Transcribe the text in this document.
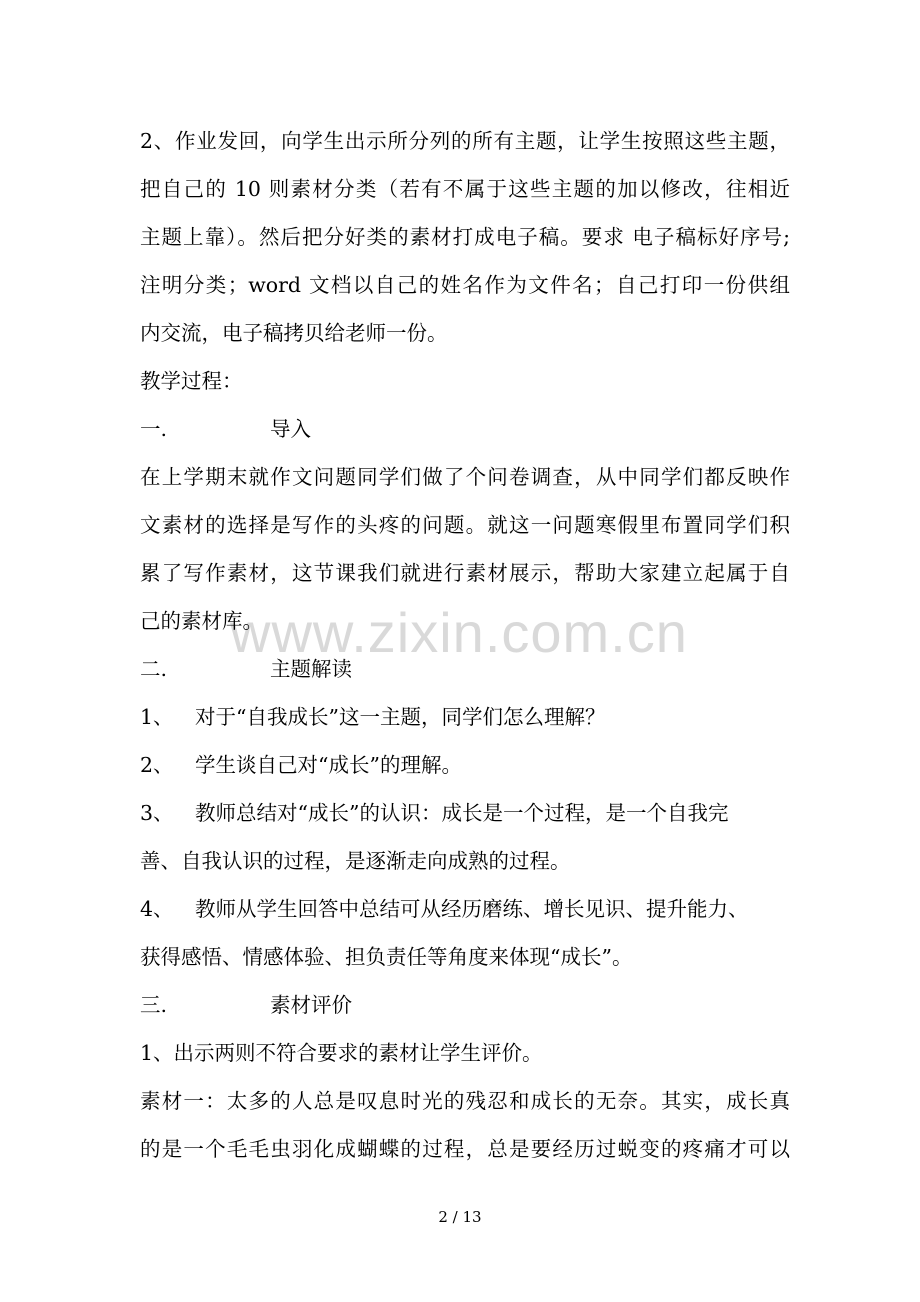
www.zixin.com.cn
2、作业发回，向学生出示所分列的所有主题，让学生按照这些主题，
把自己的 10 则素材分类（若有不属于这些主题的加以修改，往相近
主题上靠）。然后把分好类的素材打成电子稿。要求 电子稿标好序号;
注明分类；word 文档以自己的姓名作为文件名；自己打印一份供组
内交流，电子稿拷贝给老师一份。
教学过程：
一.	导入
在上学期末就作文问题同学们做了个问卷调查，从中同学们都反映作
文素材的选择是写作的头疼的问题。就这一问题寒假里布置同学们积
累了写作素材，这节课我们就进行素材展示，帮助大家建立起属于自
己的素材库。
二.	主题解读
1、 对于“自我成长”这一主题，同学们怎么理解？
2、 学生谈自己对“成长”的理解。
3、 教师总结对“成长”的认识：成长是一个过程，是一个自我完
善、自我认识的过程，是逐渐走向成熟的过程。
4、 教师从学生回答中总结可从经历磨练、增长见识、提升能力、
获得感悟、情感体验、担负责任等角度来体现“成长”。
三.	素材评价
1、出示两则不符合要求的素材让学生评价。
素材一：太多的人总是叹息时光的残忍和成长的无奈。其实，成长真
的是一个毛毛虫羽化成蝴蝶的过程，总是要经历过蜕变的疼痛才可以
2 / 13
